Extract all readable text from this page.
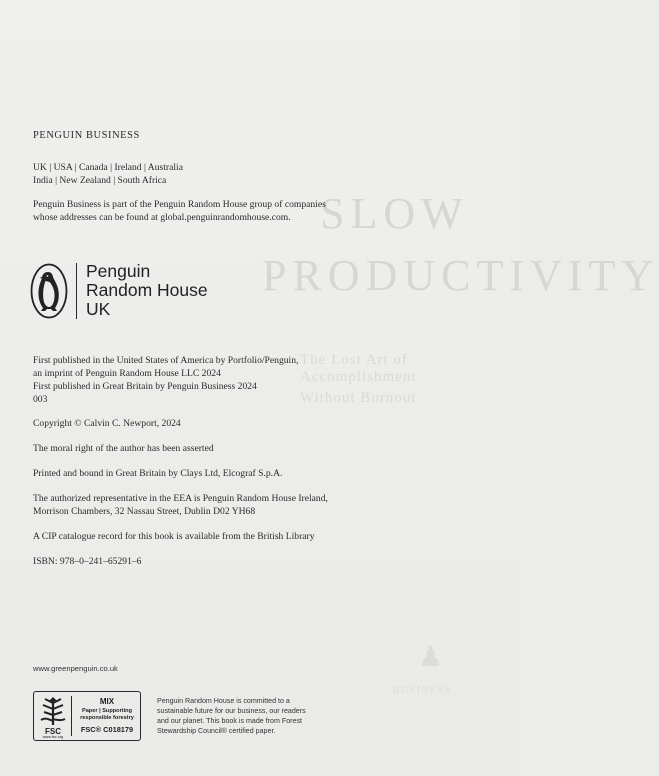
SLOW
PRODUCTIVITY
The Lost Art of Accomplishment
Without Burnout
♟
BUSINESS
PENGUIN BUSINESS
UK | USA | Canada | Ireland | Australia
India | New Zealand | South Africa
Penguin Business is part of the Penguin Random House group of companies
whose addresses can be found at global.penguinrandomhouse.com.
Penguin
Random House
UK
First published in the United States of America by Portfolio/Penguin,
an imprint of Penguin Random House LLC 2024
First published in Great Britain by Penguin Business 2024
003
Copyright © Calvin C. Newport, 2024
The moral right of the author has been asserted
Printed and bound in Great Britain by Clays Ltd, Elcograf S.p.A.
The authorized representative in the EEA is Penguin Random House Ireland,
Morrison Chambers, 32 Nassau Street, Dublin D02 YH68
A CIP catalogue record for this book is available from the British Library
ISBN: 978–0–241–65291–6
www.greenpenguin.co.uk
FSC
www.fsc.org
MIX
Paper | Supporting
responsible forestry
FSC® C018179
Penguin Random House is committed to a
sustainable future for our business, our readers
and our planet. This book is made from Forest
Stewardship Council® certified paper.
